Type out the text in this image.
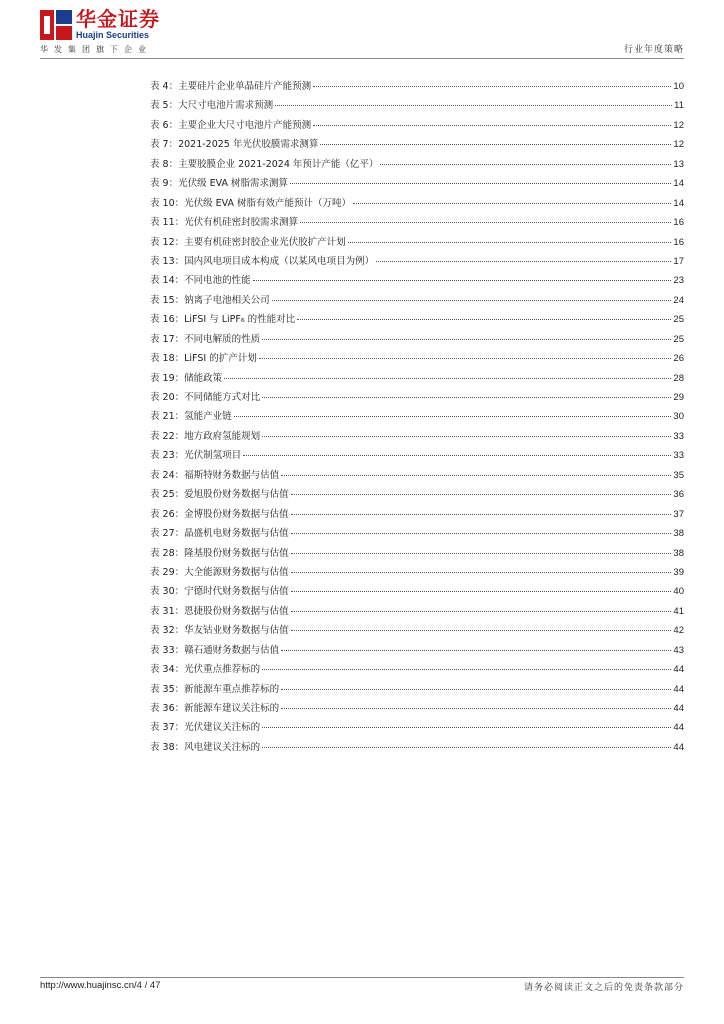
华金证券
Huajin Securities
华发集团旗下企业	行业年度策略
表 4：主要硅片企业单晶硅片产能预测	10
表 5：大尺寸电池片需求预测	11
表 6：主要企业大尺寸电池片产能预测	12
表 7：2021-2025 年光伏胶膜需求测算	12
表 8：主要胶膜企业 2021-2024 年预计产能（亿平）	13
表 9：光伏级 EVA 树脂需求测算	14
表 10：光伏级 EVA 树脂有效产能预计（万吨）	14
表 11：光伏有机硅密封胶需求测算	16
表 12：主要有机硅密封胶企业光伏胶扩产计划	16
表 13：国内风电项目成本构成（以某风电项目为例）	17
表 14：不同电池的性能	23
表 15：钠离子电池相关公司	24
表 16：LiFSI 与 LiPF₆ 的性能对比	25
表 17：不同电解质的性质	25
表 18：LiFSI 的扩产计划	26
表 19：储能政策	28
表 20：不同储能方式对比	29
表 21：氢能产业链	30
表 22：地方政府氢能规划	33
表 23：光伏制氢项目	33
表 24：福斯特财务数据与估值	35
表 25：爱旭股份财务数据与估值	36
表 26：金博股份财务数据与估值	37
表 27：晶盛机电财务数据与估值	38
表 28：隆基股份财务数据与估值	38
表 29：大全能源财务数据与估值	39
表 30：宁德时代财务数据与估值	40
表 31：恩捷股份财务数据与估值	41
表 32：华友钴业财务数据与估值	42
表 33：赣石通财务数据与估值	43
表 34：光伏重点推荐标的	44
表 35：新能源车重点推荐标的	44
表 36：新能源车建议关注标的	44
表 37：光伏建议关注标的	44
表 38：风电建议关注标的	44
http://www.huajinsc.cn/4 / 47	请务必阅读正文之后的免责条款部分
